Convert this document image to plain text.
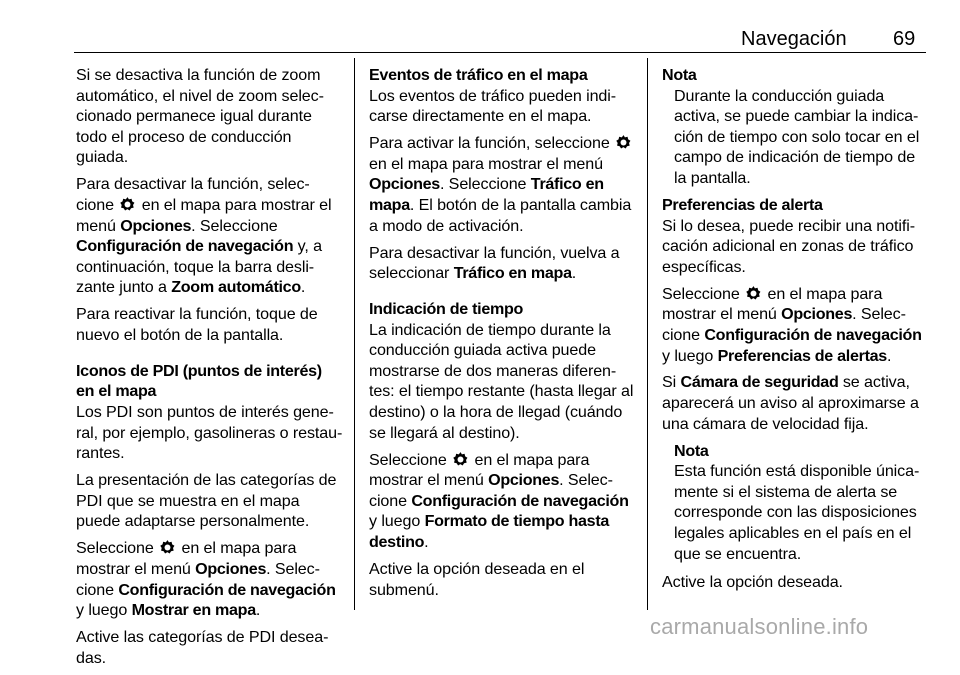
Navegación 69

Si se desactiva la función de zoom automático, el nivel de zoom selec‑ cionado permanece igual durante todo el proceso de conducción guiada.

Para desactivar la función, selec‑ cione en el mapa para mostrar el menú Opciones. Seleccione Configuración de navegación y, a continuación, toque la barra desli‑ zante junto a Zoom automático.

Para reactivar la función, toque de nuevo el botón de la pantalla.

Iconos de PDI (puntos de interés) en el mapa

Los PDI son puntos de interés gene‑ ral, por ejemplo, gasolineras o restau‑ rantes.

La presentación de las categorías de PDI que se muestra en el mapa puede adaptarse personalmente.

Seleccione en el mapa para mostrar el menú Opciones. Selec‑ cione Configuración de navegación y luego Mostrar en mapa.

Active las categorías de PDI desea‑ das.

Eventos de tráfico en el mapa

Los eventos de tráfico pueden indi‑ carse directamente en el mapa.

Para activar la función, seleccione
en el mapa para mostrar el menú Opciones. Seleccione Tráfico en mapa. El botón de la pantalla cambia a modo de activación.

Para desactivar la función, vuelva a seleccionar Tráfico en mapa.

Indicación de tiempo

La indicación de tiempo durante la conducción guiada activa puede mostrarse de dos maneras diferen‑ tes: el tiempo restante (hasta llegar al destino) o la hora de llegad (cuándo se llegará al destino).

Seleccione en el mapa para mostrar el menú Opciones. Selec‑ cione Configuración de navegación y luego Formato de tiempo hasta destino.

Active la opción deseada en el submenú.

Nota

Durante la conducción guiada activa, se puede cambiar la indica‑ ción de tiempo con solo tocar en el campo de indicación de tiempo de la pantalla.

Preferencias de alerta

Si lo desea, puede recibir una notifi‑ cación adicional en zonas de tráfico específicas.

Seleccione en el mapa para mostrar el menú Opciones. Selec‑ cione Configuración de navegación y luego Preferencias de alertas.

Si Cámara de seguridad se activa, aparecerá un aviso al aproximarse a una cámara de velocidad fija.

Nota

Esta función está disponible única‑ mente si el sistema de alerta se corresponde con las disposiciones legales aplicables en el país en el que se encuentra.

Active la opción deseada.

carmanualsonline.info
